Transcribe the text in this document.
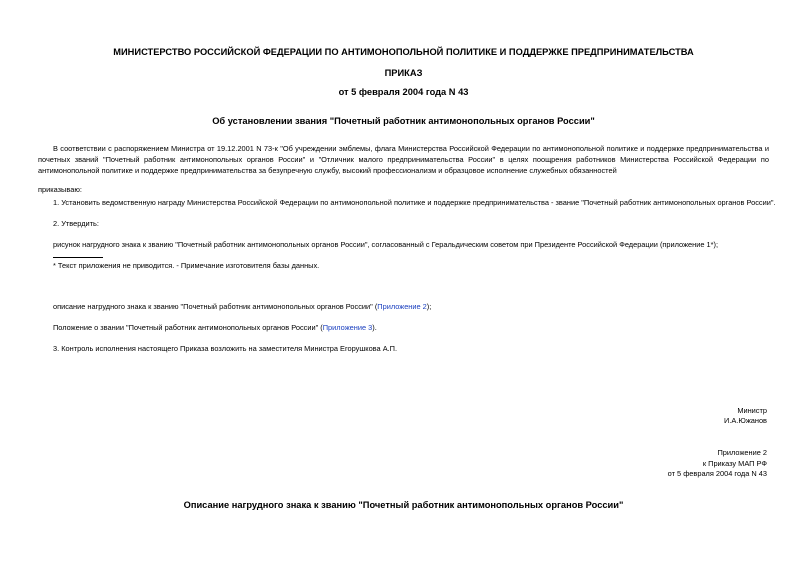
МИНИСТЕРСТВО РОССИЙСКОЙ ФЕДЕРАЦИИ ПО АНТИМОНОПОЛЬНОЙ ПОЛИТИКЕ И ПОДДЕРЖКЕ ПРЕДПРИНИМАТЕЛЬСТВА
ПРИКАЗ
от 5 февраля 2004 года N 43
Об установлении звания "Почетный работник антимонопольных органов России"
В соответствии с распоряжением Министра от 19.12.2001 N 73-к "Об учреждении эмблемы, флага Министерства Российской Федерации по антимонопольной политике и поддержке предпринимательства и почетных званий "Почетный работник антимонопольных органов России" и "Отличник малого предпринимательства России" в целях поощрения работников Министерства Российской Федерации по антимонопольной политике и поддержке предпринимательства за безупречную службу, высокий профессионализм и образцовое исполнение служебных обязанностей
приказываю:
1. Установить ведомственную награду Министерства Российской Федерации по антимонопольной политике и поддержке предпринимательства - звание "Почетный работник антимонопольных органов России".
2. Утвердить:
рисунок нагрудного знака к званию "Почетный работник антимонопольных органов России", согласованный с Геральдическим советом при Президенте Российской Федерации (приложение 1*);
* Текст приложения не приводится. - Примечание изготовителя базы данных.
описание нагрудного знака к званию "Почетный работник антимонопольных органов России" (Приложение 2);
Положение о звании "Почетный работник антимонопольных органов России" (Приложение 3).
3. Контроль исполнения настоящего Приказа возложить на заместителя Министра Егорушкова А.П.
Министр
И.А.Южанов
Приложение 2
к Приказу МАП РФ
от 5 февраля 2004 года N 43
Описание нагрудного знака к званию "Почетный работник антимонопольных органов России"
